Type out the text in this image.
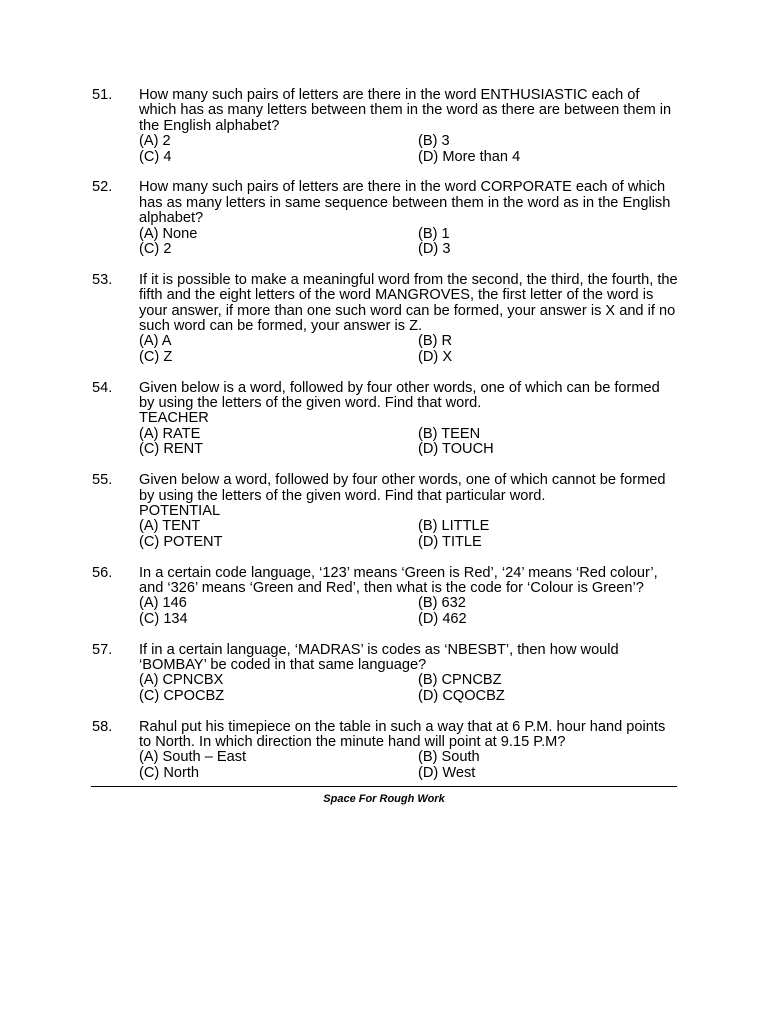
51.	How many such pairs of letters are there in the word ENTHUSIASTIC each of which has as many letters between them in the word as there are between them in the English alphabet?
(A) 2	(B) 3
(C) 4	(D) More than 4
52.	How many such pairs of letters are there in the word CORPORATE each of which has as many letters in same sequence between them in the word as in the English alphabet?
(A) None	(B) 1
(C) 2	(D) 3
53.	If it is possible to make a meaningful word from the second, the third, the fourth, the fifth and the eight letters of the word MANGROVES, the first letter of the word is your answer, if more than one such word can be formed, your answer is X and if no such word can be formed, your answer is Z.
(A) A	(B) R
(C) Z	(D) X
54.	Given below is a word, followed by four other words, one of which can be formed by using the letters of the given word. Find that word.
TEACHER
(A) RATE	(B) TEEN
(C) RENT	(D) TOUCH
55.	Given below a word, followed by four other words, one of which cannot be formed by using the letters of the given word. Find that particular word.
POTENTIAL
(A) TENT	(B) LITTLE
(C) POTENT	(D) TITLE
56.	In a certain code language, ‘123’ means ‘Green is Red’, ‘24’ means ‘Red colour’, and ‘326’ means ‘Green and Red’, then what is the code for ‘Colour is Green’?
(A) 146	(B) 632
(C) 134	(D) 462
57.	If in a certain language, ‘MADRAS’ is codes as ‘NBESBT’, then how would ‘BOMBAY’ be coded in that same language?
(A) CPNCBX	(B) CPNCBZ
(C) CPOCBZ	(D) CQOCBZ
58.	Rahul put his timepiece on the table in such a way that at 6 P.M. hour hand points to North. In which direction the minute hand will point at 9.15 P.M?
(A) South – East	(B) South
(C) North	(D) West
Space For Rough Work
